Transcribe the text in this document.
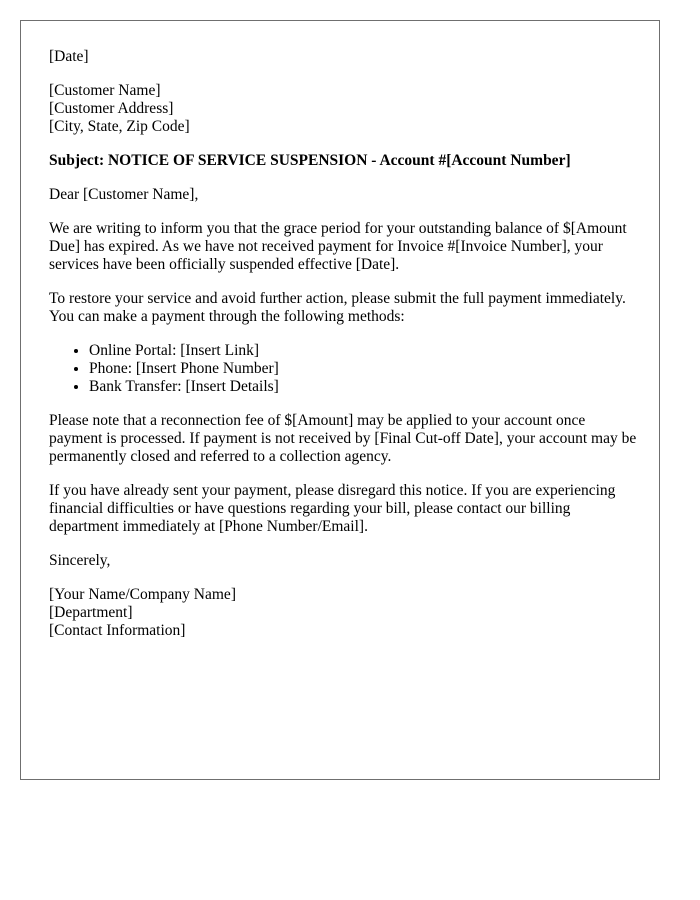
[Date]

[Customer Name]
[Customer Address]
[City, State, Zip Code]

Subject: NOTICE OF SERVICE SUSPENSION - Account #[Account Number]

Dear [Customer Name],

We are writing to inform you that the grace period for your outstanding balance of $[Amount Due] has expired. As we have not received payment for Invoice #[Invoice Number], your services have been officially suspended effective [Date].

To restore your service and avoid further action, please submit the full payment immediately. You can make a payment through the following methods:

• Online Portal: [Insert Link]
• Phone: [Insert Phone Number]
• Bank Transfer: [Insert Details]

Please note that a reconnection fee of $[Amount] may be applied to your account once payment is processed. If payment is not received by [Final Cut-off Date], your account may be permanently closed and referred to a collection agency.

If you have already sent your payment, please disregard this notice. If you are experiencing financial difficulties or have questions regarding your bill, please contact our billing department immediately at [Phone Number/Email].

Sincerely,

[Your Name/Company Name]
[Department]
[Contact Information]
